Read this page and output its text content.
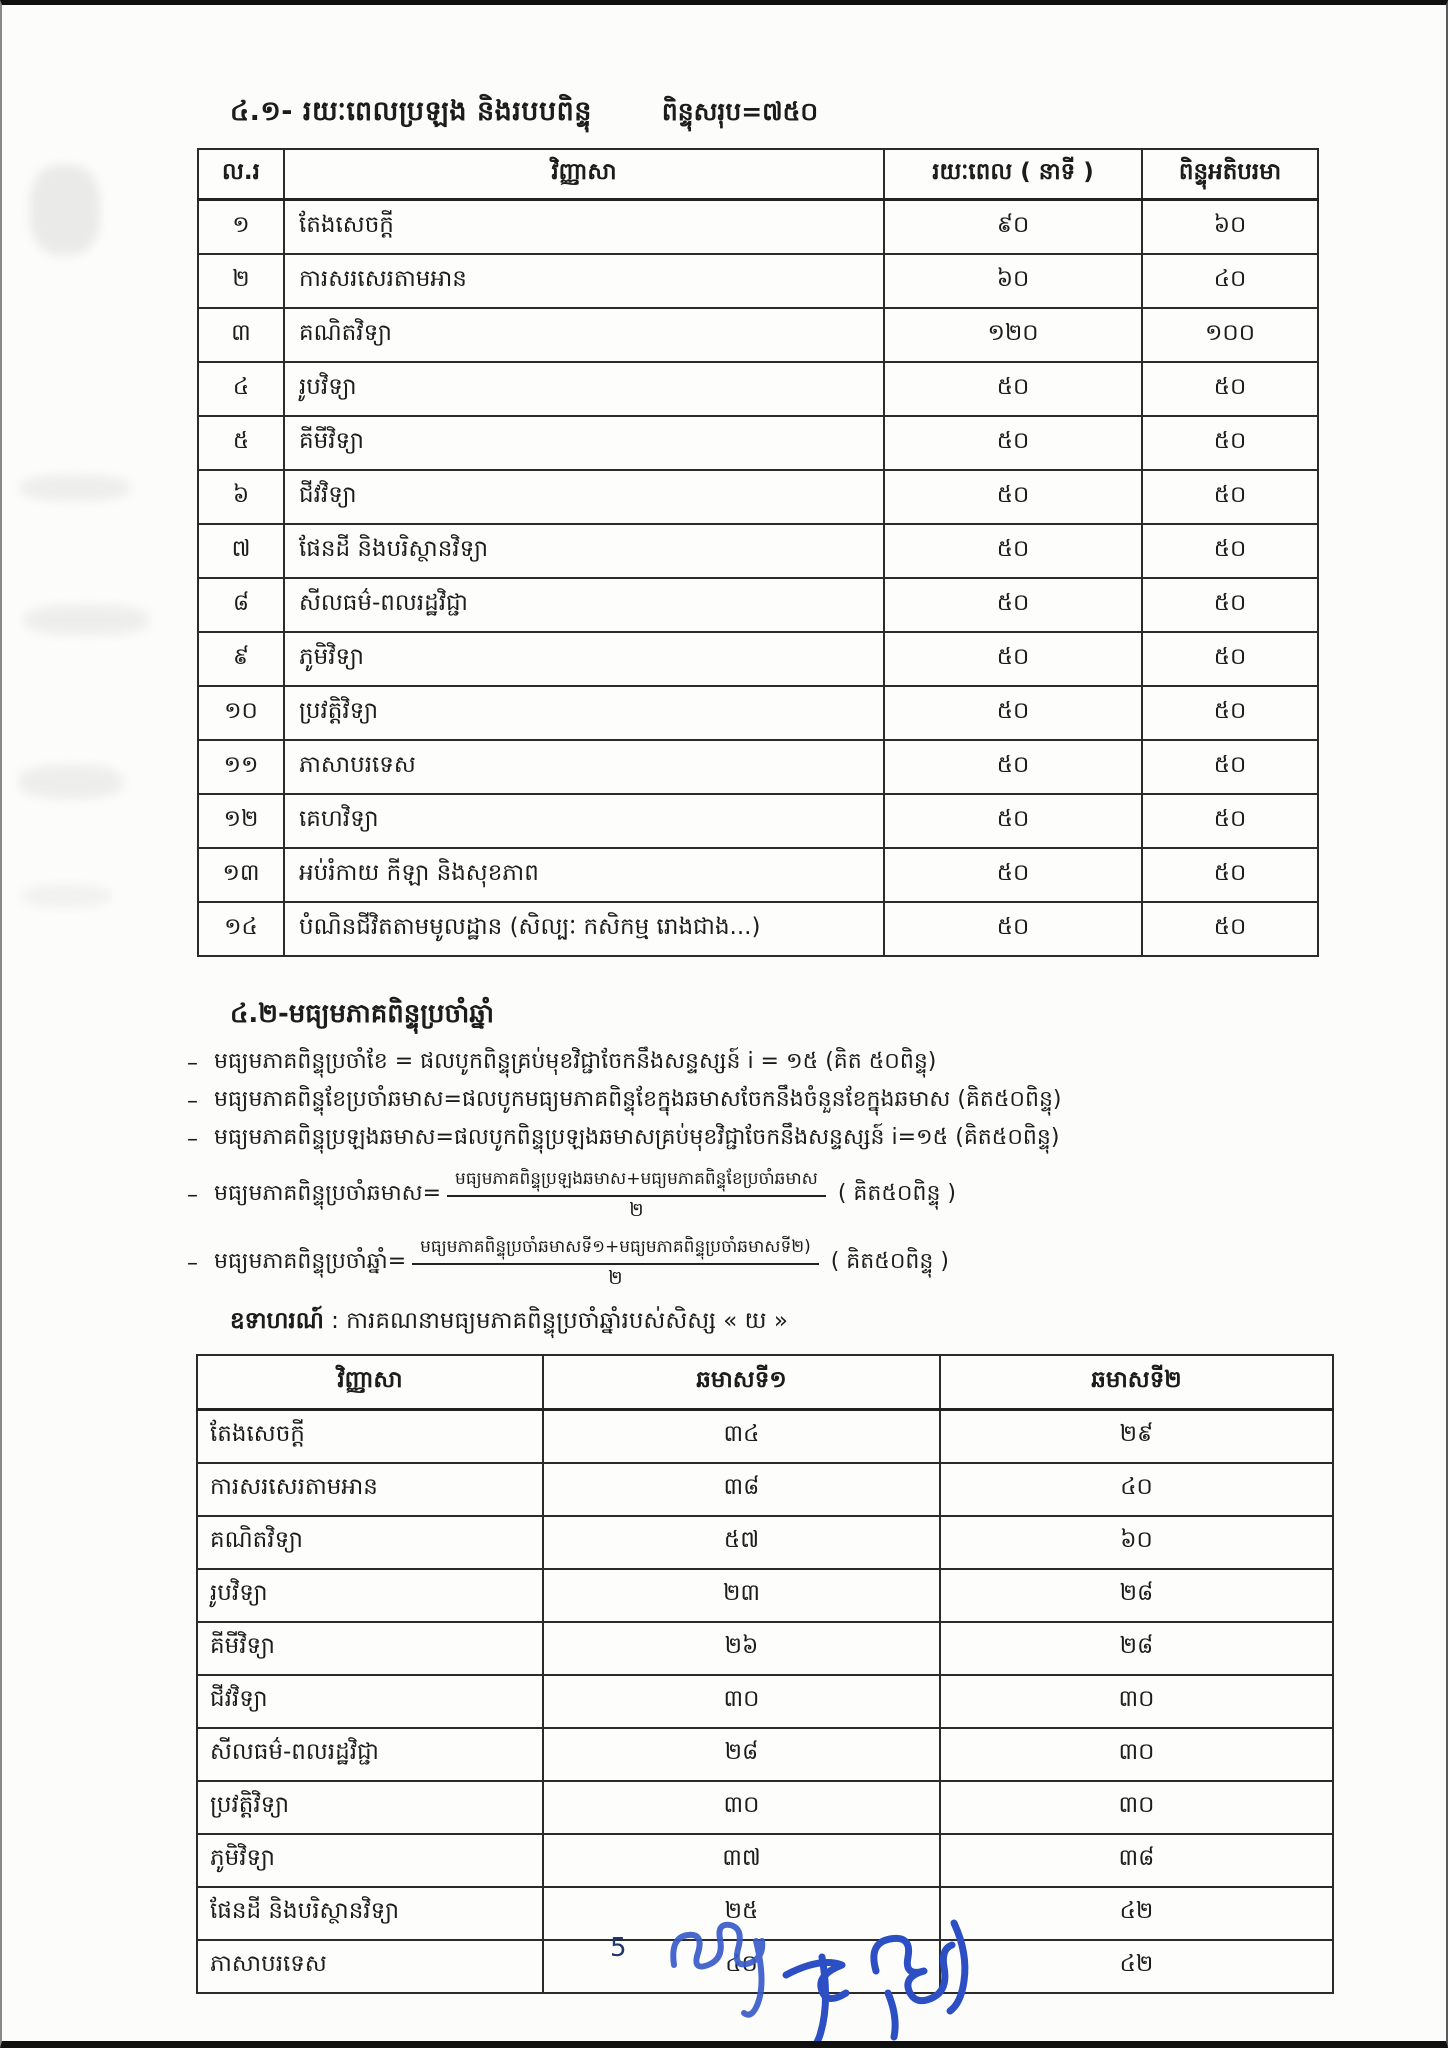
៤.១- រយៈពេលប្រឡង និងរបបពិន្ទុ	ពិន្ទុសរុប=៧៥០
ល.រ	វិញ្ញាសា	រយៈពេល ( នាទី )	ពិន្ទុអតិបរមា
១	តែងសេចក្ដី	៩០	៦០
២	ការសរសេរតាមអាន	៦០	៤០
៣	គណិតវិទ្យា	១២០	១០០
៤	រូបវិទ្យា	៥០	៥០
៥	គីមីវិទ្យា	៥០	៥០
៦	ជីវវិទ្យា	៥០	៥០
៧	ផែនដី និងបរិស្ថានវិទ្យា	៥០	៥០
៨	សីលធម៌-ពលរដ្ឋវិជ្ជា	៥០	៥០
៩	ភូមិវិទ្យា	៥០	៥០
១០	ប្រវត្តិវិទ្យា	៥០	៥០
១១	ភាសាបរទេស	៥០	៥០
១២	គេហវិទ្យា	៥០	៥០
១៣	អប់រំកាយ កីឡា និងសុខភាព	៥០	៥០
១៤	បំណិនជីវិតតាមមូលដ្ឋាន (សិល្បៈ កសិកម្ម រោងជាង...)	៥០	៥០
៤.២-មធ្យមភាគពិន្ទុប្រចាំឆ្នាំ
– មធ្យមភាគពិន្ទុប្រចាំខែ = ផលបូកពិន្ទុគ្រប់មុខវិជ្ជាចែកនឹងសន្ទស្សន៍ i = ១៥ (គិត ៥០ពិន្ទុ)
– មធ្យមភាគពិន្ទុខែប្រចាំឆមាស=ផលបូកមធ្យមភាគពិន្ទុខែក្នុងឆមាសចែកនឹងចំនួនខែក្នុងឆមាស (គិត៥០ពិន្ទុ)
– មធ្យមភាគពិន្ទុប្រឡងឆមាស=ផលបូកពិន្ទុប្រឡងឆមាសគ្រប់មុខវិជ្ជាចែកនឹងសន្ទស្សន៍ i=១៥ (គិត៥០ពិន្ទុ)
– មធ្យមភាគពិន្ទុប្រចាំឆមាស= $\frac{\text{មធ្យមភាគពិន្ទុប្រឡងឆមាស+មធ្យមភាគពិន្ទុខែប្រចាំឆមាស}}{២}$ ( គិត៥០ពិន្ទុ )
– មធ្យមភាគពិន្ទុប្រចាំឆ្នាំ= $\frac{\text{មធ្យមភាគពិន្ទុប្រចាំឆមាសទី១+មធ្យមភាគពិន្ទុប្រចាំឆមាសទី២)}}{២}$ ( គិត៥០ពិន្ទុ )
ឧទាហរណ៍ : ការគណនាមធ្យមភាគពិន្ទុប្រចាំឆ្នាំរបស់សិស្ស « យ »
វិញ្ញាសា	ឆមាសទី១	ឆមាសទី២
តែងសេចក្ដី	៣៤	២៩
ការសរសេរតាមអាន	៣៨	៤០
គណិតវិទ្យា	៥៧	៦០
រូបវិទ្យា	២៣	២៨
គីមីវិទ្យា	២៦	២៨
ជីវវិទ្យា	៣០	៣០
សីលធម៌-ពលរដ្ឋវិជ្ជា	២៨	៣០
ប្រវត្តិវិទ្យា	៣០	៣០
ភូមិវិទ្យា	៣៧	៣៨
ផែនដី និងបរិស្ថានវិទ្យា	២៥	៤២
ភាសាបរទេស	៤០	៤២
5
